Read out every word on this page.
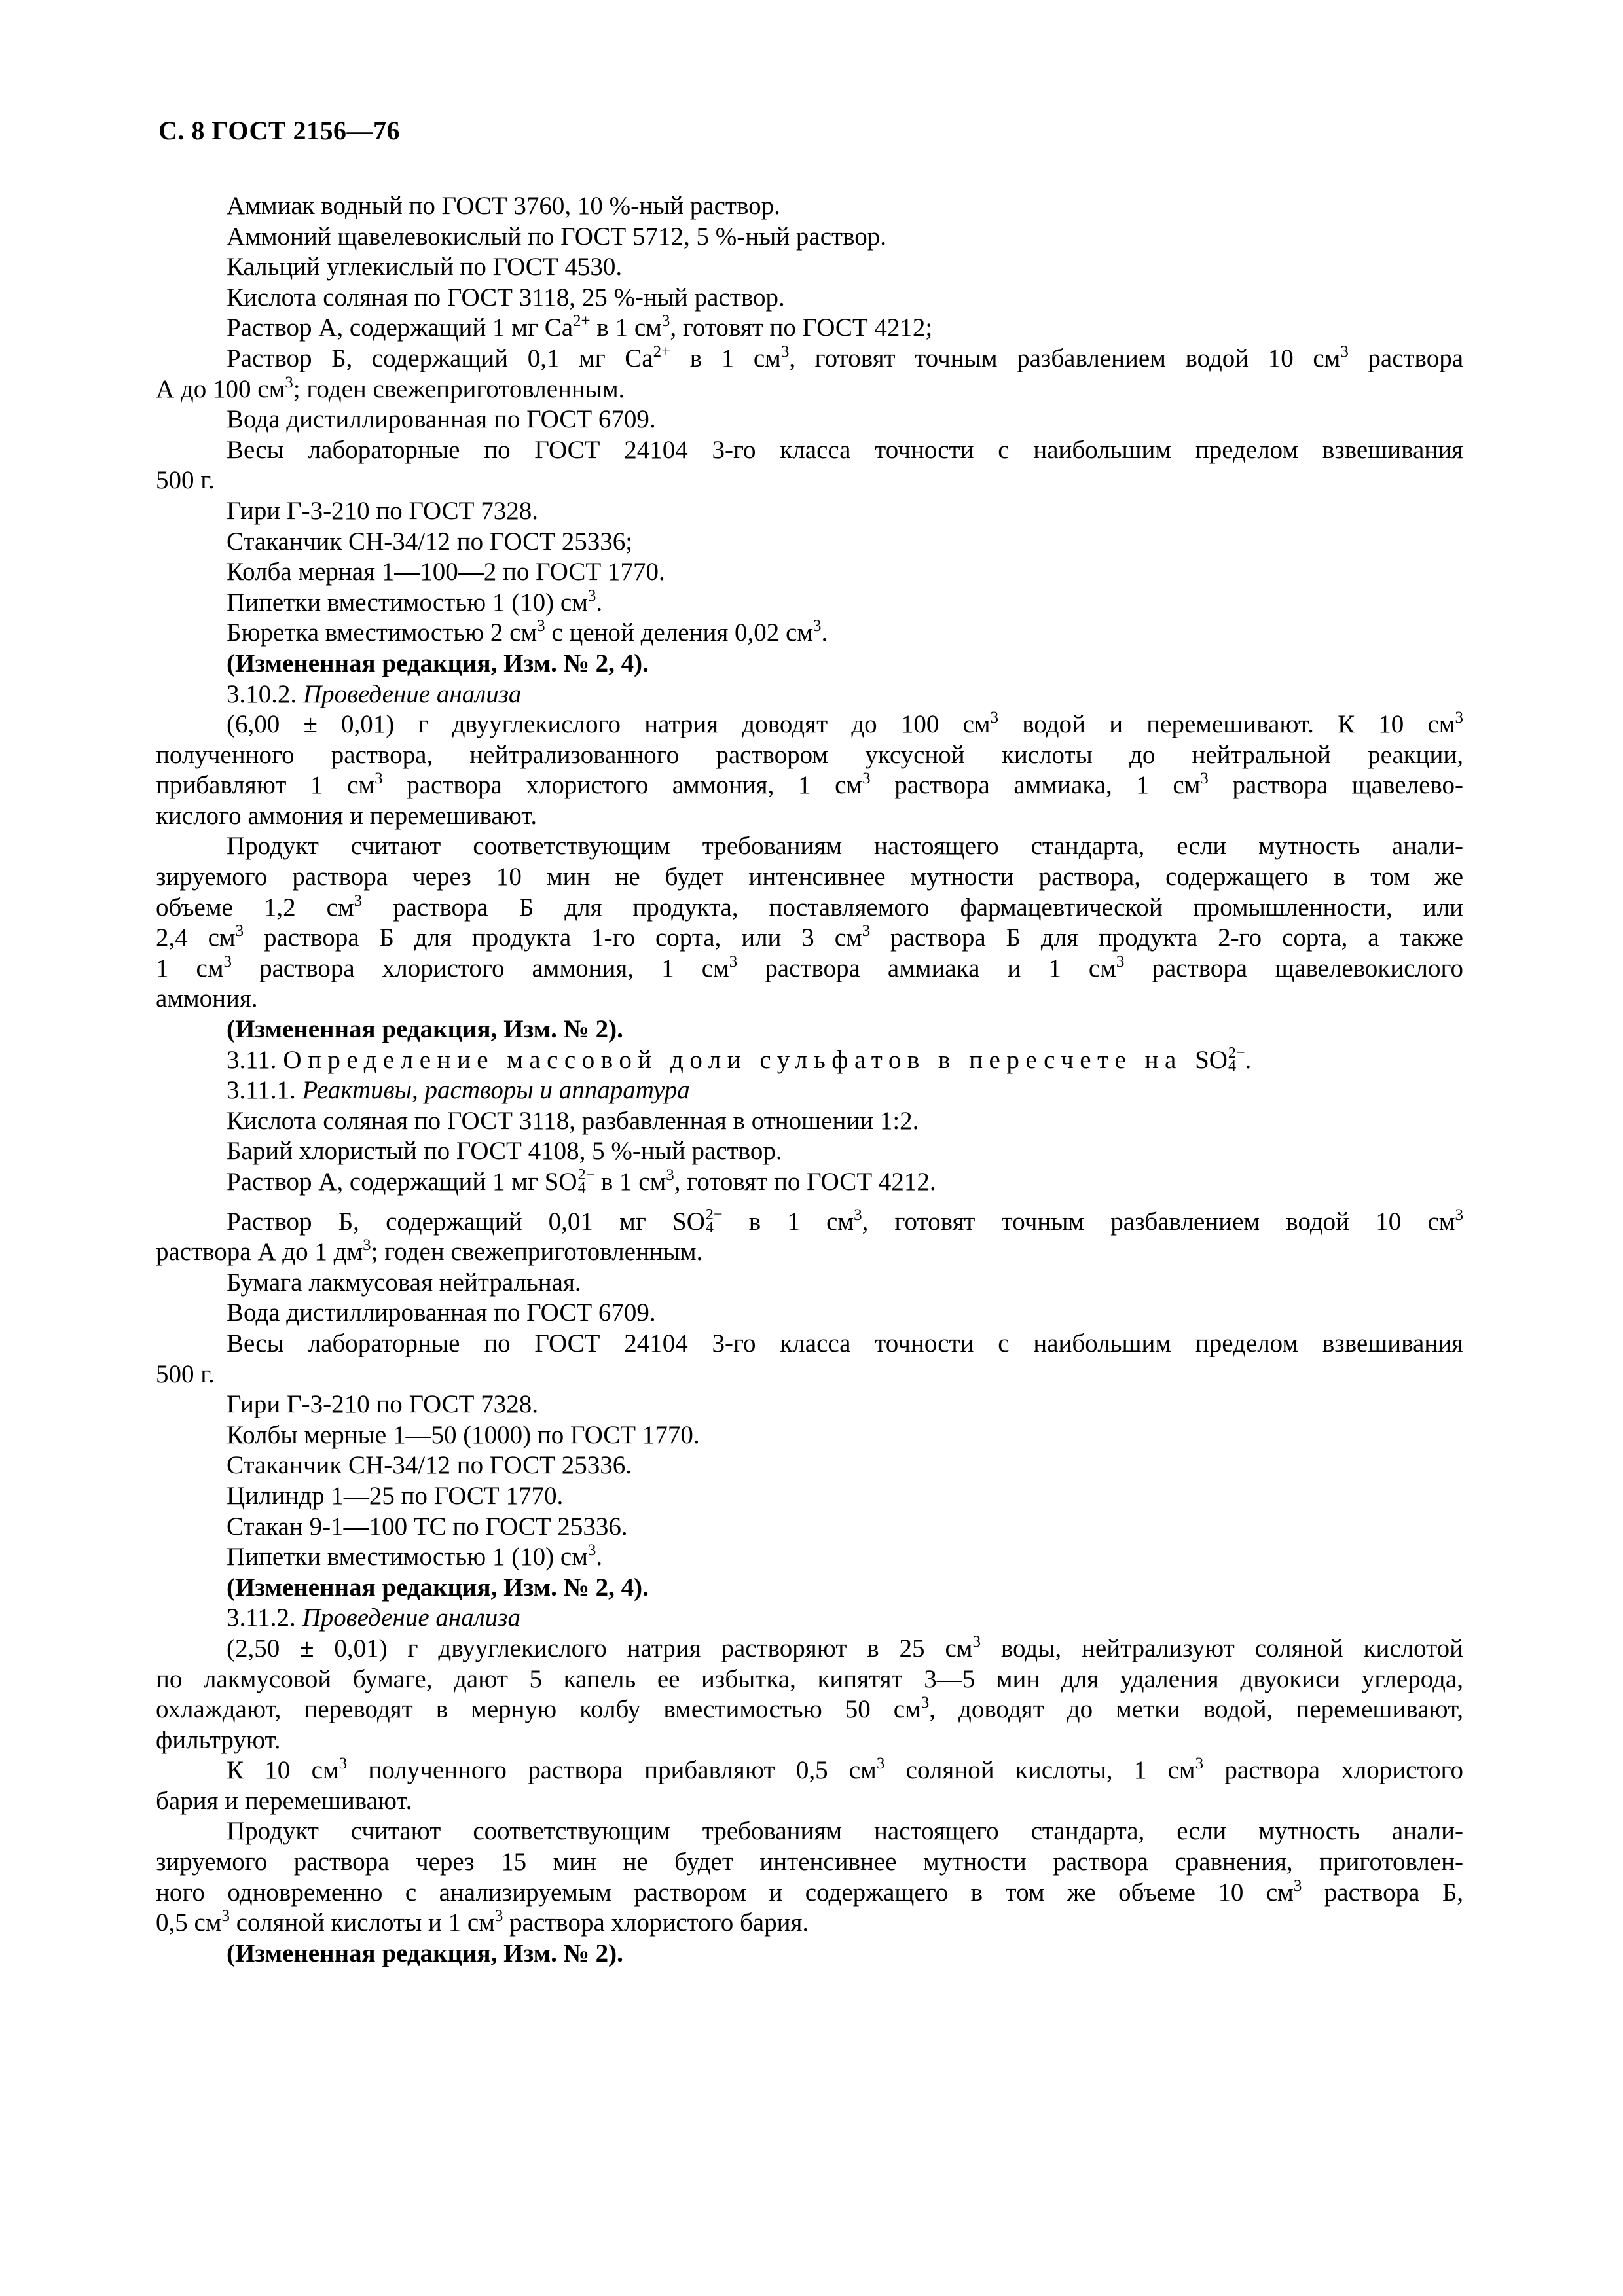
С. 8 ГОСТ 2156—76
Аммиак водный по ГОСТ 3760, 10 %-ный раствор.
Аммоний щавелевокислый по ГОСТ 5712, 5 %-ный раствор.
Кальций углекислый по ГОСТ 4530.
Кислота соляная по ГОСТ 3118, 25 %-ный раствор.
Раствор А, содержащий 1 мг $Са^{2+}$ в 1 $см^3$, готовят по ГОСТ 4212;
Раствор Б, содержащий 0,1 мг $Са^{2+}$ в 1 $см^3$, готовят точным разбавлением водой 10 $см^3$ раствора
А до 100 $см^3$; годен свежеприготовленным.
Вода дистиллированная по ГОСТ 6709.
Весы лабораторные по ГОСТ 24104 3-го класса точности с наибольшим пределом взвешивания
500 г.
Гири Г-3-210 по ГОСТ 7328.
Стаканчик СН-34/12 по ГОСТ 25336;
Колба мерная 1—100—2 по ГОСТ 1770.
Пипетки вместимостью 1 (10) $см^3$.
Бюретка вместимостью 2 $см^3$ с ценой деления 0,02 $см^3$.
(Измененная редакция, Изм. № 2, 4).
3.10.2. Проведение анализа
(6,00 ± 0,01) г двууглекислого натрия доводят до 100 $см^3$ водой и перемешивают. К 10 $см^3$
полученного раствора, нейтрализованного раствором уксусной кислоты до нейтральной реакции,
прибавляют 1 $см^3$ раствора хлористого аммония, 1 $см^3$ раствора аммиака, 1 $см^3$ раствора щавелево-
кислого аммония и перемешивают.
Продукт считают соответствующим требованиям настоящего стандарта, если мутность анали-
зируемого раствора через 10 мин не будет интенсивнее мутности раствора, содержащего в том же
объеме 1,2 $см^3$ раствора Б для продукта, поставляемого фармацевтической промышленности, или
2,4 $см^3$ раствора Б для продукта 1-го сорта, или 3 $см^3$ раствора Б для продукта 2-го сорта, а также
1 $см^3$ раствора хлористого аммония, 1 $см^3$ раствора аммиака и 1 $см^3$ раствора щавелевокислого
аммония.
(Измененная редакция, Изм. № 2).
3.11. Определение массовой доли сульфатов в пересчете на SO 2−
4 .
3.11.1. Реактивы, растворы и аппаратура
Кислота соляная по ГОСТ 3118, разбавленная в отношении 1:2.
Барий хлористый по ГОСТ 4108, 5 %-ный раствор.
Раствор А, содержащий 1 мг SO 2−
4 в 1 $см^3$, готовят по ГОСТ 4212.
Раствор Б, содержащий 0,01 мг SO 2−
4 в 1 $см^3$, готовят точным разбавлением водой 10 $см^3$
раствора А до 1 $дм^3$; годен свежеприготовленным.
Бумага лакмусовая нейтральная.
Вода дистиллированная по ГОСТ 6709.
Весы лабораторные по ГОСТ 24104 3-го класса точности с наибольшим пределом взвешивания
500 г.
Гири Г-3-210 по ГОСТ 7328.
Колбы мерные 1—50 (1000) по ГОСТ 1770.
Стаканчик СН-34/12 по ГОСТ 25336.
Цилиндр 1—25 по ГОСТ 1770.
Стакан 9-1—100 ТС по ГОСТ 25336.
Пипетки вместимостью 1 (10) $см^3$.
(Измененная редакция, Изм. № 2, 4).
3.11.2. Проведение анализа
(2,50 ± 0,01) г двууглекислого натрия растворяют в 25 $см^3$ воды, нейтрализуют соляной кислотой
по лакмусовой бумаге, дают 5 капель ее избытка, кипятят 3—5 мин для удаления двуокиси углерода,
охлаждают, переводят в мерную колбу вместимостью 50 $см^3$, доводят до метки водой, перемешивают,
фильтруют.
К 10 $см^3$ полученного раствора прибавляют 0,5 $см^3$ соляной кислоты, 1 $см^3$ раствора хлористого
бария и перемешивают.
Продукт считают соответствующим требованиям настоящего стандарта, если мутность анали-
зируемого раствора через 15 мин не будет интенсивнее мутности раствора сравнения, приготовлен-
ного одновременно с анализируемым раствором и содержащего в том же объеме 10 $см^3$ раствора Б,
0,5 $см^3$ соляной кислоты и 1 $см^3$ раствора хлористого бария.
(Измененная редакция, Изм. № 2).
